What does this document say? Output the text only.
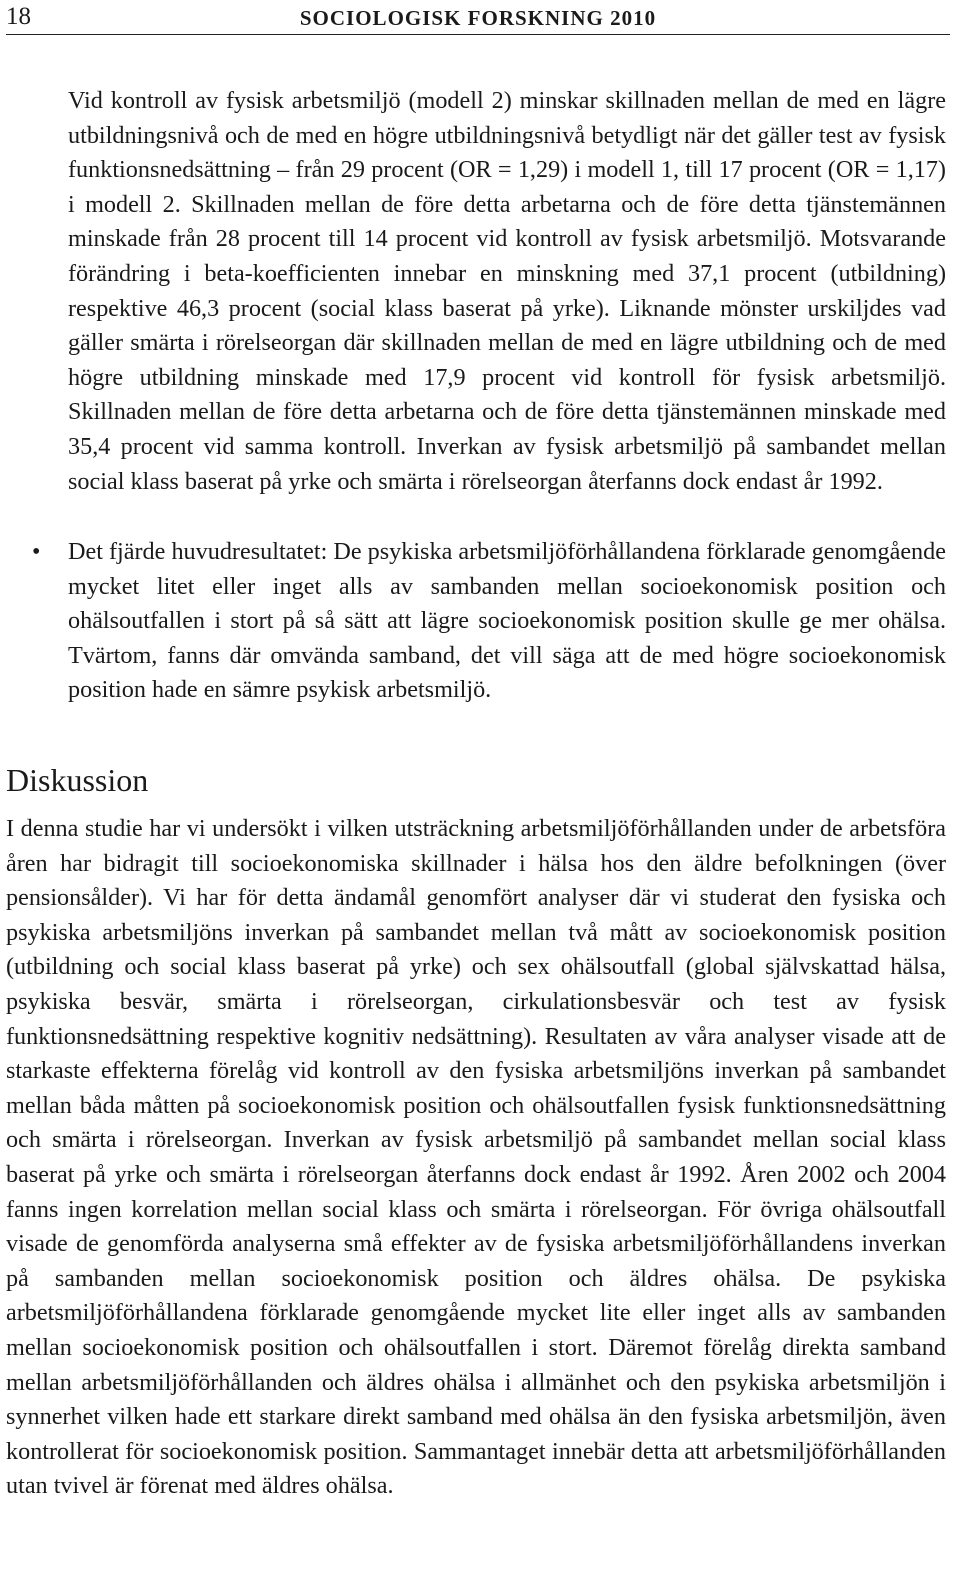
18	SOCIOLOGISK FORSKNING 2010

Vid kontroll av fysisk arbetsmiljö (modell 2) minskar skillnaden mellan de med en lägre utbildningsnivå och de med en högre utbildningsnivå betydligt när det gäller test av fysisk funktionsnedsättning – från 29 procent (OR = 1,29) i modell 1, till 17 procent (OR = 1,17) i modell 2. Skillnaden mellan de före detta arbetarna och de före detta tjänstemännen minskade från 28 procent till 14 procent vid kontroll av fysisk arbetsmiljö. Motsvarande förändring i beta-koefficienten innebar en minskning med 37,1 procent (utbildning) respektive 46,3 procent (social klass baserat på yrke). Liknande mönster urskiljdes vad gäller smärta i rörelseorgan där skillnaden mellan de med en lägre utbildning och de med högre utbildning minskade med 17,9 procent vid kontroll för fysisk arbetsmiljö. Skillnaden mellan de före detta arbetarna och de före detta tjänstemännen minskade med 35,4 procent vid samma kontroll. Inverkan av fysisk arbetsmiljö på sambandet mellan social klass baserat på yrke och smärta i rörelseorgan återfanns dock endast år 1992.

• Det fjärde huvudresultatet: De psykiska arbetsmiljöförhållandena förklarade genomgående mycket litet eller inget alls av sambanden mellan socioekonomisk position och ohälsoutfallen i stort på så sätt att lägre socioekonomisk position skulle ge mer ohälsa. Tvärtom, fanns där omvända samband, det vill säga att de med högre socioekonomisk position hade en sämre psykisk arbetsmiljö.

Diskussion

I denna studie har vi undersökt i vilken utsträckning arbetsmiljöförhållanden under de arbetsföra åren har bidragit till socioekonomiska skillnader i hälsa hos den äldre befolkningen (över pensionsålder). Vi har för detta ändamål genomfört analyser där vi studerat den fysiska och psykiska arbetsmiljöns inverkan på sambandet mellan två mått av socioekonomisk position (utbildning och social klass baserat på yrke) och sex ohälsoutfall (global självskattad hälsa, psykiska besvär, smärta i rörelseorgan, cirkulationsbesvär och test av fysisk funktionsnedsättning respektive kognitiv nedsättning). Resultaten av våra analyser visade att de starkaste effekterna förelåg vid kontroll av den fysiska arbetsmiljöns inverkan på sambandet mellan båda måtten på socioekonomisk position och ohälsoutfallen fysisk funktionsnedsättning och smärta i rörelseorgan. Inverkan av fysisk arbetsmiljö på sambandet mellan social klass baserat på yrke och smärta i rörelseorgan återfanns dock endast år 1992. Åren 2002 och 2004 fanns ingen korrelation mellan social klass och smärta i rörelseorgan. För övriga ohälsoutfall visade de genomförda analyserna små effekter av de fysiska arbetsmiljöförhållandens inverkan på sambanden mellan socioekonomisk position och äldres ohälsa. De psykiska arbetsmiljöförhållandena förklarade genomgående mycket lite eller inget alls av sambanden mellan socioekonomisk position och ohälsoutfallen i stort. Däremot förelåg direkta samband mellan arbetsmiljöförhållanden och äldres ohälsa i allmänhet och den psykiska arbetsmiljön i synnerhet vilken hade ett starkare direkt samband med ohälsa än den fysiska arbetsmiljön, även kontrollerat för socioekonomisk position. Sammantaget innebär detta att arbetsmiljöförhållanden utan tvivel är förenat med äldres ohälsa.
